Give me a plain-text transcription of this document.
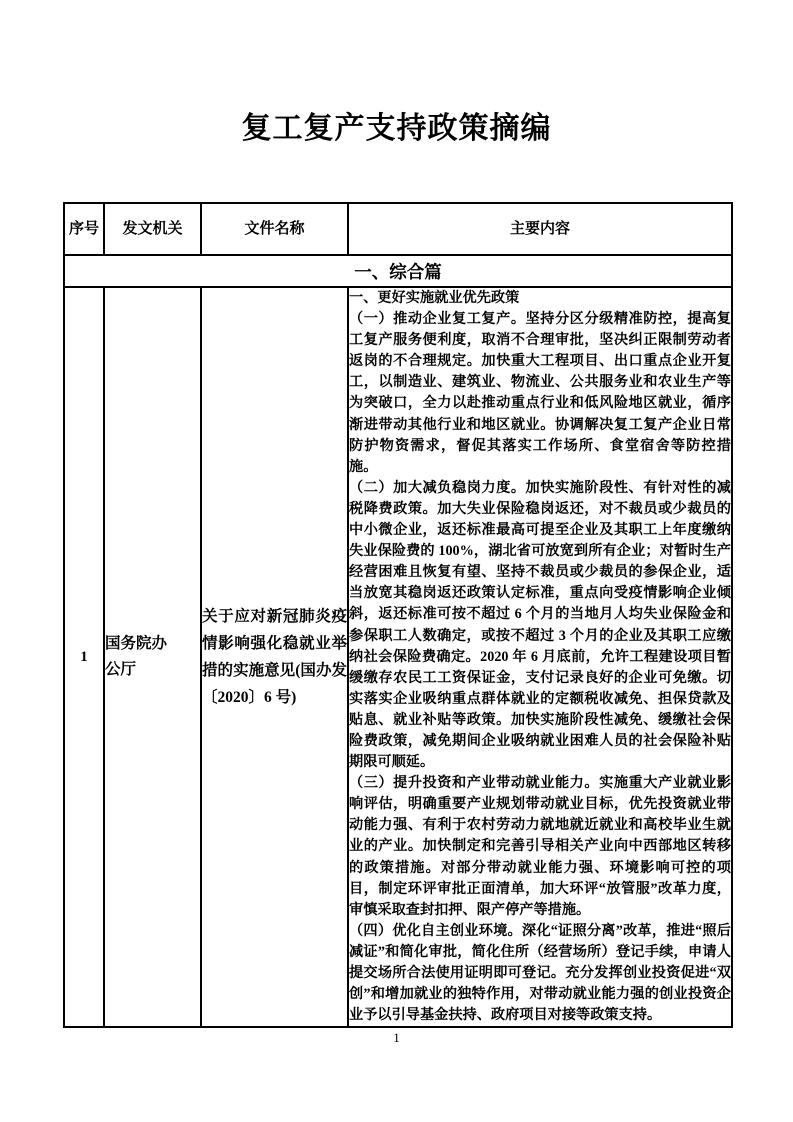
复工复产支持政策摘编
序号	发文机关	文件名称	主要内容
一、综合篇			
1	国务院办公厅	关于应对新冠肺炎疫情影响强化稳就业举措的实施意见(国办发〔2020〕6 号)	一、更好实施就业优先政策

（一）推动企业复工复产。坚持分区分级精准防控，提高复工复产服务便利度，取消不合理审批，坚决纠正限制劳动者返岗的不合理规定。加快重大工程项目、出口重点企业开复工，以制造业、建筑业、物流业、公共服务业和农业生产等为突破口，全力以赴推动重点行业和低风险地区就业，循序渐进带动其他行业和地区就业。协调解决复工复产企业日常防护物资需求，督促其落实工作场所、食堂宿舍等防控措施。

（二）加大减负稳岗力度。加快实施阶段性、有针对性的减税降费政策。加大失业保险稳岗返还，对不裁员或少裁员的中小微企业，返还标准最高可提至企业及其职工上年度缴纳失业保险费的 100%，湖北省可放宽到所有企业；对暂时生产经营困难且恢复有望、坚持不裁员或少裁员的参保企业，适当放宽其稳岗返还政策认定标准，重点向受疫情影响企业倾斜，返还标准可按不超过 6 个月的当地月人均失业保险金和参保职工人数确定，或按不超过 3 个月的企业及其职工应缴纳社会保险费确定。2020 年 6 月底前，允许工程建设项目暂缓缴存农民工工资保证金，支付记录良好的企业可免缴。切实落实企业吸纳重点群体就业的定额税收减免、担保贷款及贴息、就业补贴等政策。加快实施阶段性减免、缓缴社会保险费政策，减免期间企业吸纳就业困难人员的社会保险补贴期限可顺延。

（三）提升投资和产业带动就业能力。实施重大产业就业影响评估，明确重要产业规划带动就业目标，优先投资就业带动能力强、有利于农村劳动力就地就近就业和高校毕业生就业的产业。加快制定和完善引导相关产业向中西部地区转移的政策措施。对部分带动就业能力强、环境影响可控的项目，制定环评审批正面清单，加大环评“放管服”改革力度，审慎采取查封扣押、限产停产等措施。

（四）优化自主创业环境。深化“证照分离”改革，推进“照后减证”和简化审批，简化住所（经营场所）登记手续，申请人提交场所合法使用证明即可登记。充分发挥创业投资促进“双创”和增加就业的独特作用，对带动就业能力强的创业投资企业予以引导基金扶持、政府项目对接等政策支持。

1
